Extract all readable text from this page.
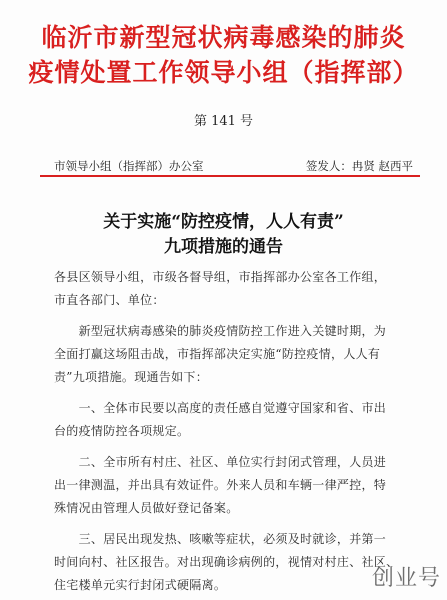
临沂市新型冠状病毒感染的肺炎
疫情处置工作领导小组（指挥部）
第 141 号
市领导小组（指挥部）办公室	签发人：冉贤 赵西平
关于实施“防控疫情，人人有责”
九项措施的通告
各县区领导小组，市级各督导组，市指挥部办公室各工作组，
市直各部门、单位：
　　新型冠状病毒感染的肺炎疫情防控工作进入关键时期，为
全面打赢这场阻击战，市指挥部决定实施“防控疫情，人人有
责”九项措施。现通告如下：
　　一、全体市民要以高度的责任感自觉遵守国家和省、市出
台的疫情防控各项规定。
　　二、全市所有村庄、社区、单位实行封闭式管理，人员进
出一律测温，并出具有效证件。外来人员和车辆一律严控，特
殊情况由管理人员做好登记备案。
　　三、居民出现发热、咳嗽等症状，必须及时就诊，并第一
时间向村、社区报告。对出现确诊病例的，视情对村庄、社区、
住宅楼单元实行封闭式硬隔离。	创业号
